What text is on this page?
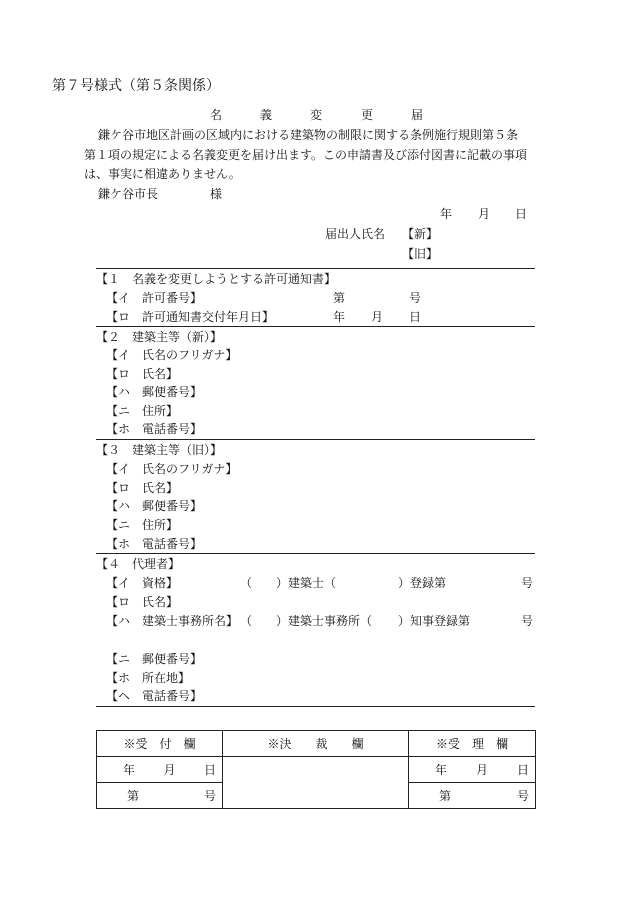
第７号様式（第５条関係）
名	義	変	更	届
鎌ケ谷市地区計画の区域内における建築物の制限に関する条例施行規則第５条
第１項の規定による名義変更を届け出ます。この申請書及び添付図書に記載の事項
は、事実に相違ありません。
鎌ケ谷市長	様
年 月 日
届出人氏名 【新】
【旧】
【１　名義を変更しようとする許可通知書】
【イ　許可番号】	第	号
【ロ　許可通知書交付年月日】	年 月 日
【２　建築主等（新）】
【イ　氏名のフリガナ】
【ロ　氏名】
【ハ　郵便番号】
【ニ　住所】
【ホ　電話番号】
【３　建築主等（旧）】
【イ　氏名のフリガナ】
【ロ　氏名】
【ハ　郵便番号】
【ニ　住所】
【ホ　電話番号】
【４　代理者】
【イ　資格】	（　　） 建築士（	）登録第	号
【ロ　氏名】
【ハ　建築士事務所名】 （　　） 建築士事務所（ ）知事登録第	号
【ニ　郵便番号】
【ホ　所在地】
【ヘ　電話番号】
※受　付　欄	※決　　裁　　欄	※受　理　欄

年 月 日		年 月 日

第 号		第 号
